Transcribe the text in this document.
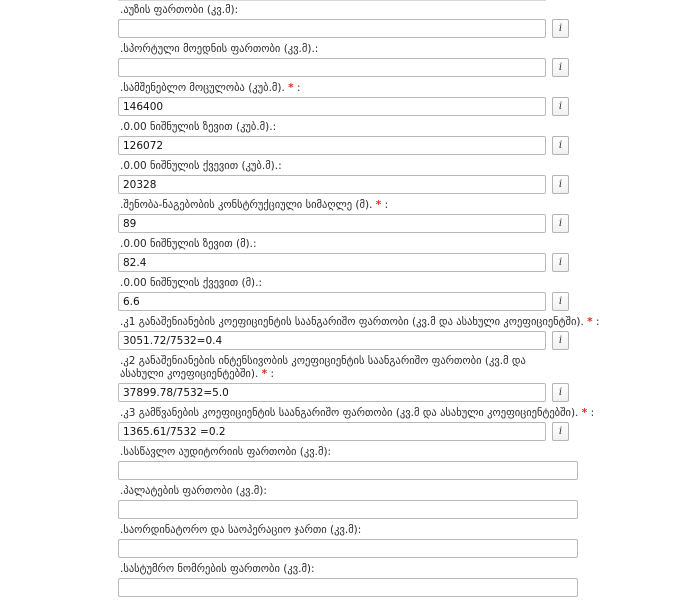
.აუზის ფართობი (კვ.მ):
i
.სპორტული მოედნის ფართობი (კვ.მ).:
i
.სამშენებლო მოცულობა (კუბ.მ). * :
146400
i
.0.00 ნიშნულის ზევით (კუბ.მ).:
126072
i
.0.00 ნიშნულის ქვევით (კუბ.მ).:
20328
i
.შენობა-ნაგებობის კონსტრუქციული სიმაღლე (მ). * :
89
i
.0.00 ნიშნულის ზევით (მ).:
82.4
i
.0.00 ნიშნულის ქვევით (მ).:
6.6
i
.კ1 განაშენიანების კოეფიციენტის საანგარიშო ფართობი (კვ.მ და ასახული კოეფიციენტში). * :
3051.72/7532=0.4
i
.კ2 განაშენიანების ინტენსივობის კოეფიციენტის საანგარიშო ფართობი (კვ.მ და ასახული კოეფიციენტებში). * :
37899.78/7532=5.0
i
.კ3 გამწვანების კოეფიციენტის საანგარიშო ფართობი (კვ.მ და ასახული კოეფიციენტებში). * :
1365.61/7532 =0.2
i
.სასწავლო აუდიტორიის ფართობი (კვ.მ):
.პალატების ფართობი (კვ.მ):
.საორდინატორო და საოპერაციო ჯართი (კვ.მ):
.სასტუმრო ნომრების ფართობი (კვ.მ):
